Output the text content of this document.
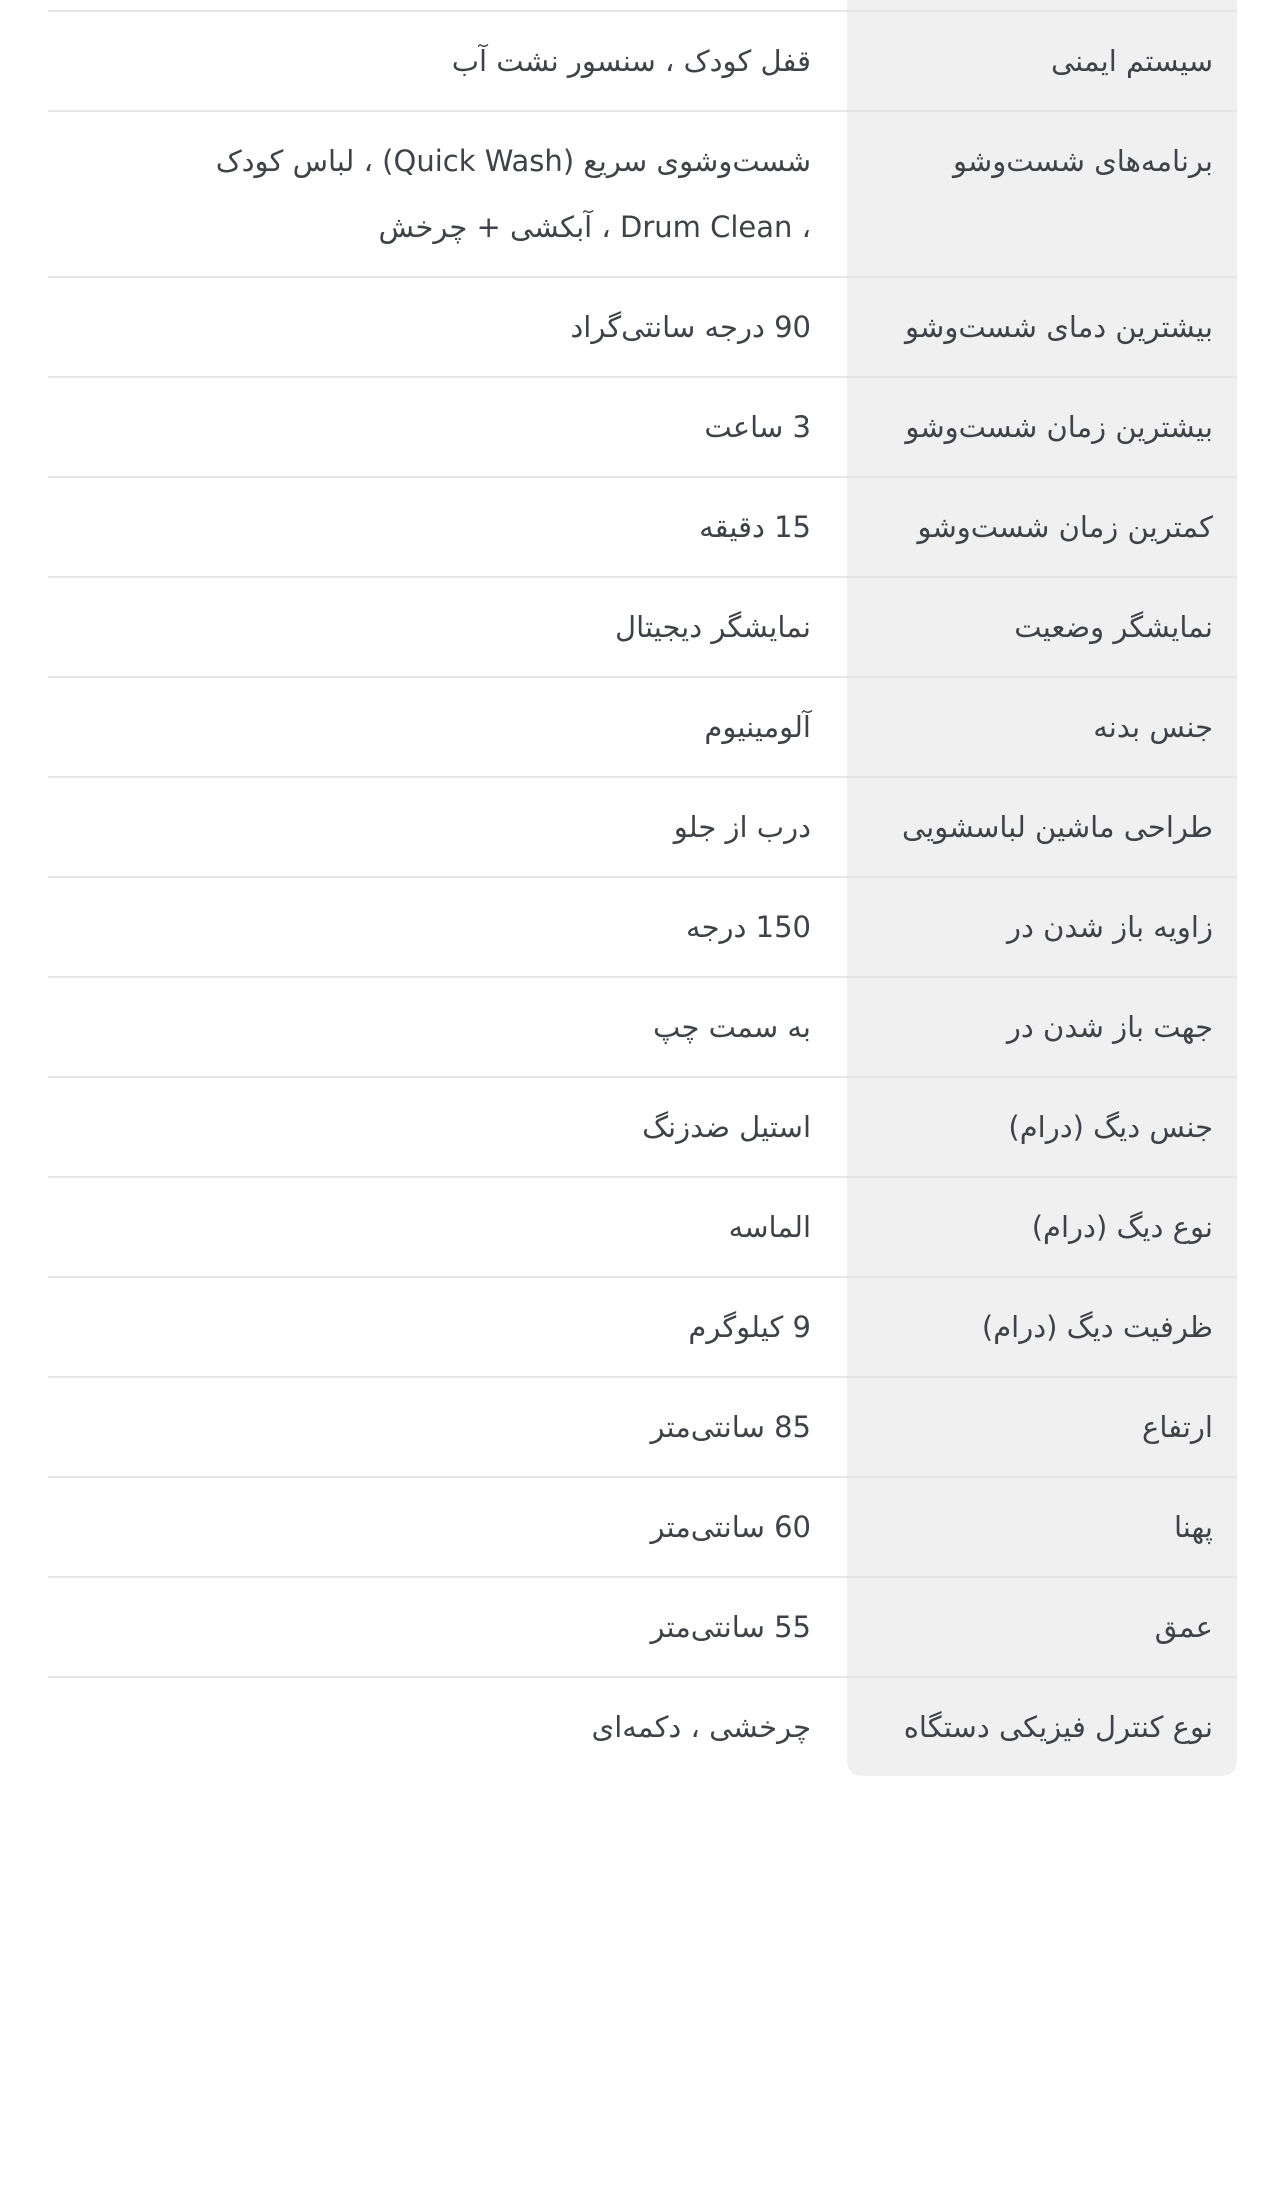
سیستم ایمنی
قفل کودک ، سنسور نشت آب
برنامه‌های شست‌وشو
شست‌وشوی سریع (Quick Wash) ، لباس کودک ، Drum Clean ، آبکشی + چرخش
بیشترین دمای شست‌وشو
90 درجه سانتی‌گراد
بیشترین زمان شست‌وشو
3 ساعت
کمترین زمان شست‌وشو
15 دقیقه
نمایشگر وضعیت
نمایشگر دیجیتال
جنس بدنه
آلومینیوم
طراحی ماشین لباسشویی
درب از جلو
زاویه باز شدن در
150 درجه
جهت باز شدن در
به سمت چپ
جنس دیگ (درام)
استیل ضدزنگ
نوع دیگ (درام)
الماسه
ظرفیت دیگ (درام)
9 کیلوگرم
ارتفاع
85 سانتی‌متر
پهنا
60 سانتی‌متر
عمق
55 سانتی‌متر
نوع کنترل فیزیکی دستگاه
چرخشی ، دکمه‌ای
